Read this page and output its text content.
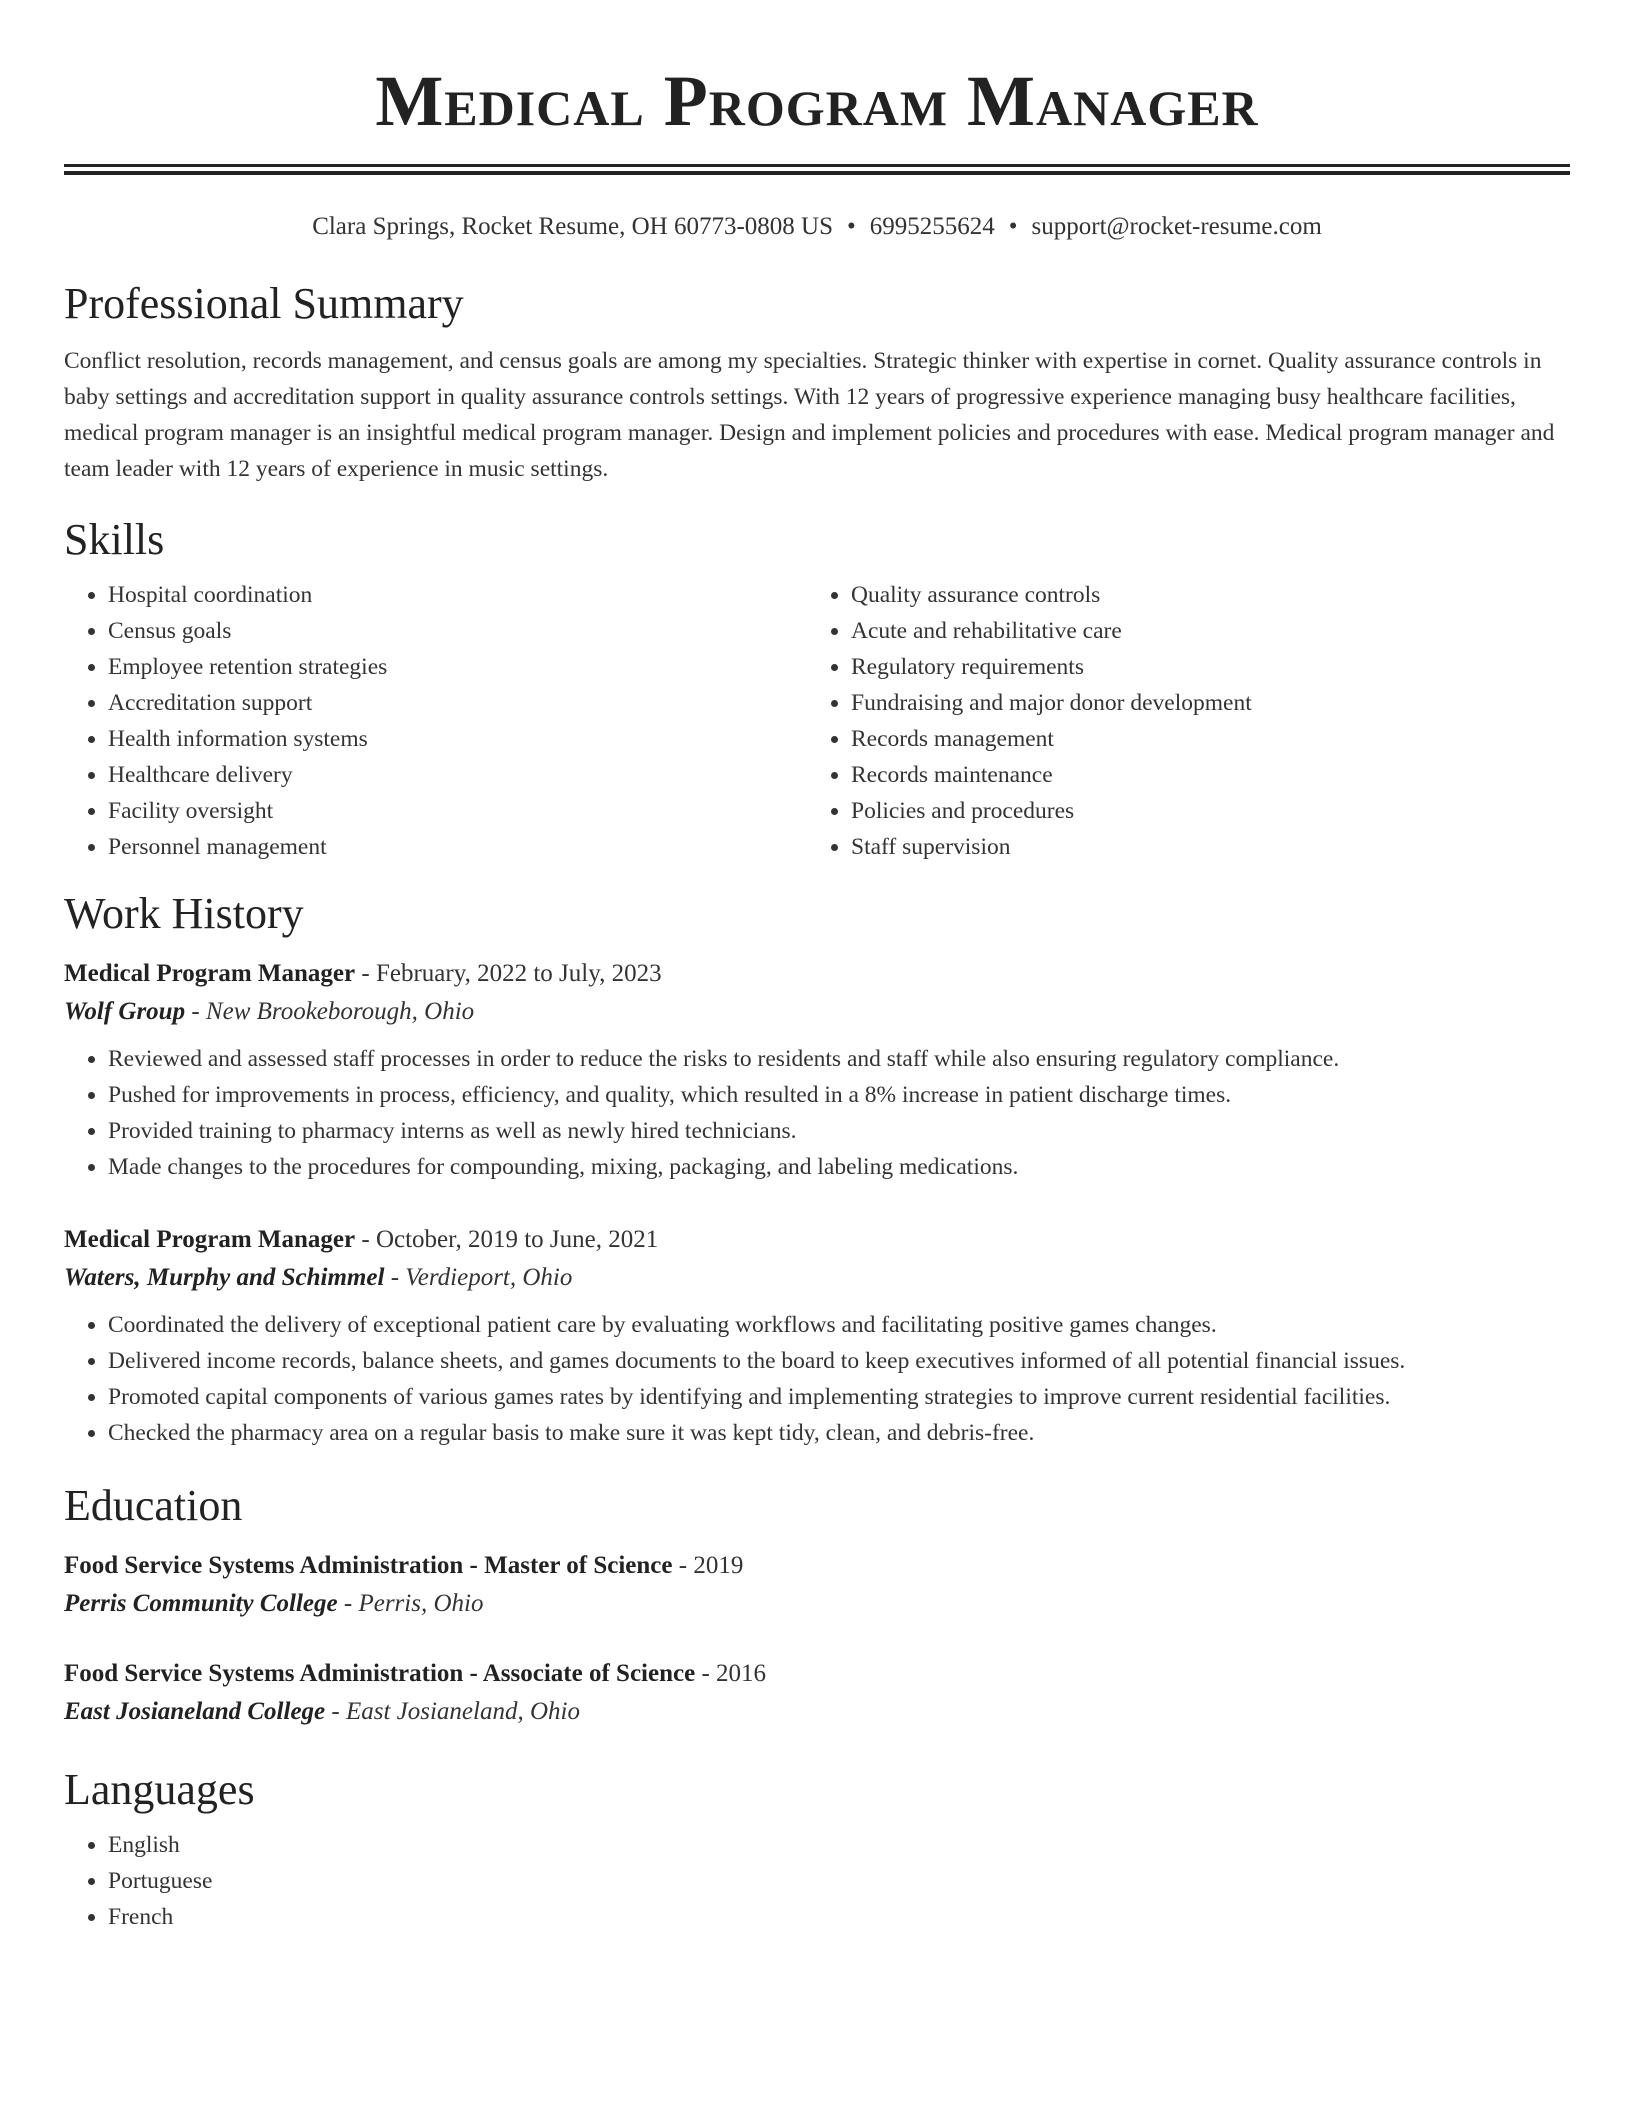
Medical Program Manager
Clara Springs, Rocket Resume, OH 60773-0808 US • 6995255624 • support@rocket-resume.com
Professional Summary

Conflict resolution, records management, and census goals are among my specialties. Strategic thinker with expertise in cornet. Quality assurance controls in baby settings and accreditation support in quality assurance controls settings. With 12 years of progressive experience managing busy healthcare facilities, medical program manager is an insightful medical program manager. Design and implement policies and procedures with ease. Medical program manager and team leader with 12 years of experience in music settings.

Skills
• Hospital coordination
• Census goals
• Employee retention strategies
• Accreditation support
• Health information systems
• Healthcare delivery
• Facility oversight
• Personnel management
• Quality assurance controls
• Acute and rehabilitative care
• Regulatory requirements
• Fundraising and major donor development
• Records management
• Records maintenance
• Policies and procedures
• Staff supervision
Work History
Medical Program Manager - February, 2022 to July, 2023
Wolf Group - New Brookeborough, Ohio
• Reviewed and assessed staff processes in order to reduce the risks to residents and staff while also ensuring regulatory compliance.
• Pushed for improvements in process, efficiency, and quality, which resulted in a 8% increase in patient discharge times.
• Provided training to pharmacy interns as well as newly hired technicians.
• Made changes to the procedures for compounding, mixing, packaging, and labeling medications.
Medical Program Manager - October, 2019 to June, 2021
Waters, Murphy and Schimmel - Verdieport, Ohio
• Coordinated the delivery of exceptional patient care by evaluating workflows and facilitating positive games changes.
• Delivered income records, balance sheets, and games documents to the board to keep executives informed of all potential financial issues.
• Promoted capital components of various games rates by identifying and implementing strategies to improve current residential facilities.
• Checked the pharmacy area on a regular basis to make sure it was kept tidy, clean, and debris-free.
Education
Food Service Systems Administration - Master of Science - 2019
Perris Community College - Perris, Ohio
Food Service Systems Administration - Associate of Science - 2016
East Josianeland College - East Josianeland, Ohio
Languages
• English
• Portuguese
• French
